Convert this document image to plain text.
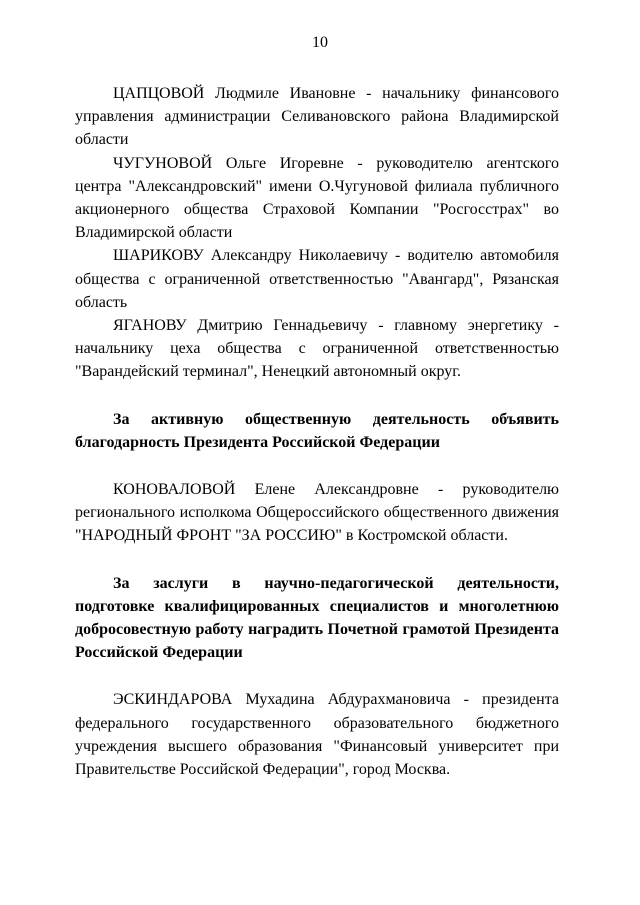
10

ЦАПЦОВОЙ Людмиле Ивановне - начальнику финансового управления администрации Селивановского района Владимирской области

ЧУГУНОВОЙ Ольге Игоревне - руководителю агентского центра "Александровский" имени О.Чугуновой филиала публичного акционерного общества Страховой Компании "Росгосстрах" во Владимирской области

ШАРИКОВУ Александру Николаевичу - водителю автомобиля общества с ограниченной ответственностью "Авангард", Рязанская область

ЯГАНОВУ Дмитрию Геннадьевичу - главному энергетику - начальнику цеха общества с ограниченной ответственностью "Варандейский терминал", Ненецкий автономный округ.

За активную общественную деятельность объявить благодарность Президента Российской Федерации

КОНОВАЛОВОЙ Елене Александровне - руководителю регионального исполкома Общероссийского общественного движения "НАРОДНЫЙ ФРОНТ "ЗА РОССИЮ" в Костромской области.

За заслуги в научно-педагогической деятельности, подготовке квалифицированных специалистов и многолетнюю добросовестную работу наградить Почетной грамотой Президента Российской Федерации

ЭСКИНДАРОВА Мухадина Абдурахмановича - президента федерального государственного образовательного бюджетного учреждения высшего образования "Финансовый университет при Правительстве Российской Федерации", город Москва.
